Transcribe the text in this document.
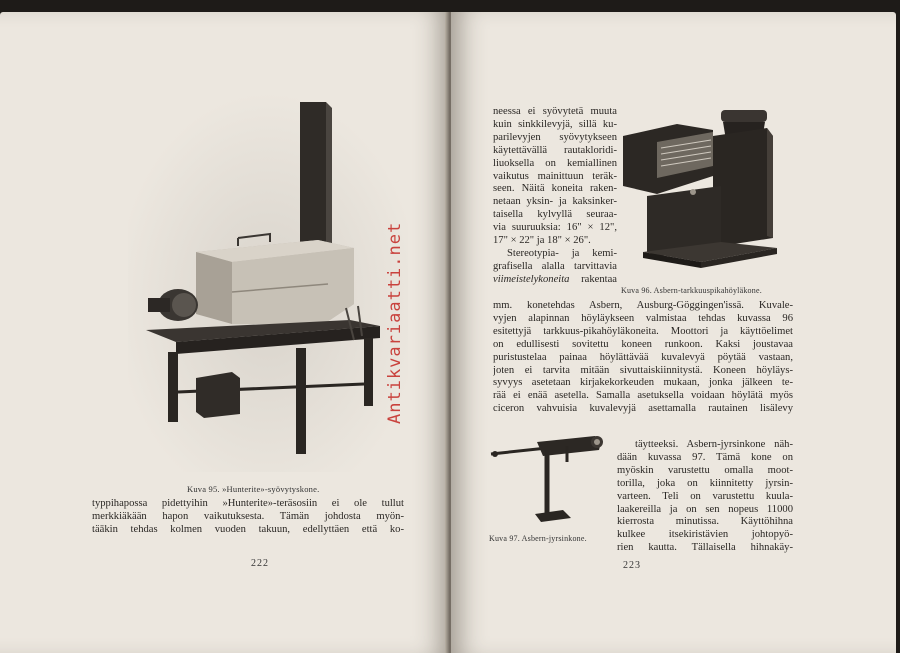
Kuva 95. »Hunterite»-syövytyskone.
typpihapossa pidettyihin »Hunterite»-teräsosiin ei ole tullut
merkkiäkään hapon vaikutuksesta. Tämän johdosta myön-
täākin tehdas kolmen vuoden takuun, edellyttäen että ko-
222
neessa ei syövytetä muuta
kuin sinkkilevyjä, sillä ku-
parilevyjen syövytykseen
käytettävällä rautakloridi-
liuoksella on kemiallinen
vaikutus mainittuun teräk-
seen. Näitä koneita raken-
netaan yksin- ja kaksinker-
taisella kylvyllä seuraa-
via suuruuksia: 16" × 12",
17" × 22" ja 18" × 26".
Stereotypia- ja kemi-
grafisella alalla tarvittavia
viimeistelykoneita rakentaa
Kuva 96. Asbern-tarkkuuspikahöyläkone.
mm. konetehdas Asbern, Ausburg-Göggingen'issä. Kuvale-
vyjen alapinnan höyläykseen valmistaa tehdas kuvassa 96
esitettyjä tarkkuus-pikahöyläkoneita. Moottori ja käyttöelimet
on edullisesti sovitettu koneen runkoon. Kaksi joustavaa
puristustelaa painaa höylättävää kuvalevyä pöytää vastaan,
joten ei tarvita mitään sivuttaiskiinnitystä. Koneen höyläys-
syvyys asetetaan kirjakekorkeuden mukaan, jonka jälkeen te-
rää ei enää asetella. Samalla asetuksella voidaan höylätä myös
ciceron vahvuisia kuvalevyjä asettamalla rautainen lisälevy
täytteeksi. Asbern-jyrsinkone näh-
dään kuvassa 97. Tämä kone on
myöskin varustettu omalla moot-
torilla, joka on kiinnitetty jyrsin-
varteen. Teli on varustettu kuula-
laakereilla ja on sen nopeus 11000
kierrosta minutissa. Käyttöhihna
kulkee itsekiristävien johtopyö-
rien kautta. Tällaisella hihnakäy-
Kuva 97. Asbern-jyrsinkone.
223
Antikvariaatti.net
